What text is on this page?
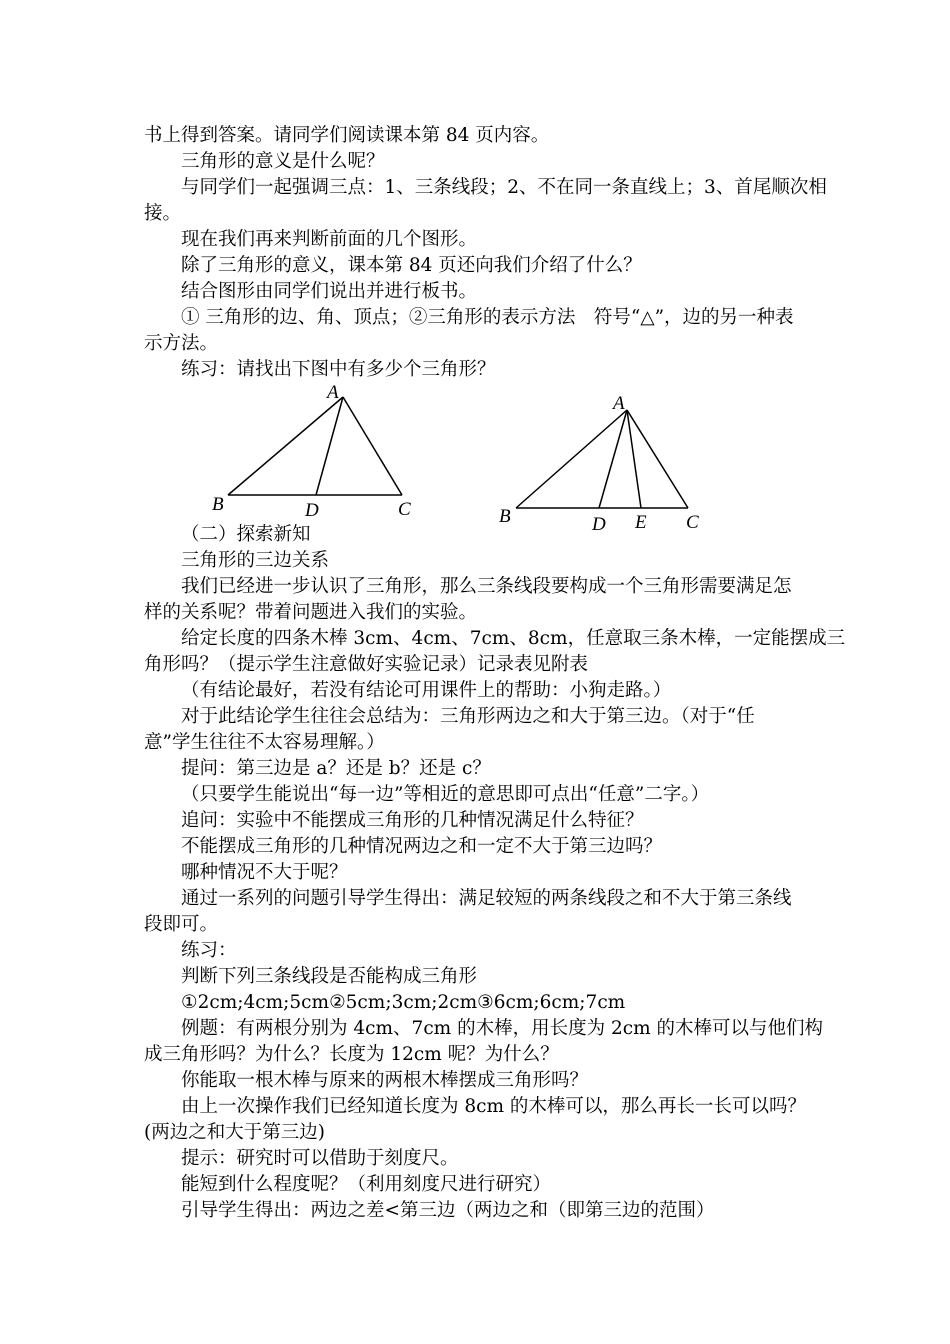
书上得到答案。请同学们阅读课本第 84 页内容。
三角形的意义是什么呢？
与同学们一起强调三点：1、三条线段；2、不在同一条直线上；3、首尾顺次相
接。
现在我们再来判断前面的几个图形。
除了三角形的意义，课本第 84 页还向我们介绍了什么？
结合图形由同学们说出并进行板书。
① 三角形的边、角、顶点；②三角形的表示方法　符号“△”，边的另一种表
示方法。
练习：请找出下图中有多少个三角形？
A
B	C
D
A
B	C
D E
（二）探索新知
三角形的三边关系
我们已经进一步认识了三角形，那么三条线段要构成一个三角形需要满足怎
样的关系呢？带着问题进入我们的实验。
给定长度的四条木棒 3cm、4cm、7cm、8cm，任意取三条木棒，一定能摆成三
角形吗？（提示学生注意做好实验记录）记录表见附表
（有结论最好，若没有结论可用课件上的帮助：小狗走路。）
对于此结论学生往往会总结为：三角形两边之和大于第三边。（对于“任
意”学生往往不太容易理解。）
提问：第三边是 a？还是 b？还是 c？
（只要学生能说出“每一边”等相近的意思即可点出“任意”二字。）
追问：实验中不能摆成三角形的几种情况满足什么特征？
不能摆成三角形的几种情况两边之和一定不大于第三边吗？
哪种情况不大于呢？
通过一系列的问题引导学生得出：满足较短的两条线段之和不大于第三条线
段即可。
练习：
判断下列三条线段是否能构成三角形
①2cm;4cm;5cm②5cm;3cm;2cm③6cm;6cm;7cm
例题：有两根分别为 4cm、7cm 的木棒，用长度为 2cm 的木棒可以与他们构
成三角形吗？为什么？长度为 12cm 呢？为什么？
你能取一根木棒与原来的两根木棒摆成三角形吗？
由上一次操作我们已经知道长度为 8cm 的木棒可以，那么再长一长可以吗？
(两边之和大于第三边)
提示：研究时可以借助于刻度尺。
能短到什么程度呢？（利用刻度尺进行研究）
引导学生得出：两边之差<第三边（两边之和（即第三边的范围）
